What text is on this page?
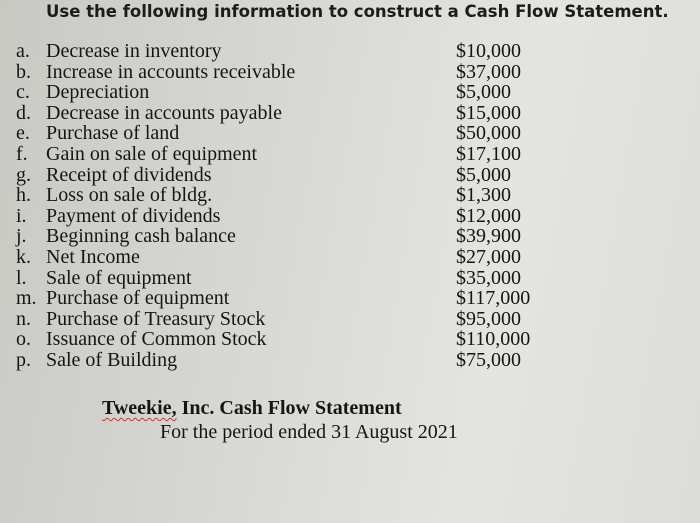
Use the following information to construct a Cash Flow Statement.
a. Decrease in inventory	$10,000
b. Increase in accounts receivable	$37,000
c. Depreciation	$5,000
d. Decrease in accounts payable	$15,000
e. Purchase of land	$50,000
f. Gain on sale of equipment	$17,100
g. Receipt of dividends	$5,000
h. Loss on sale of bldg.	$1,300
i. Payment of dividends	$12,000
j. Beginning cash balance	$39,900
k. Net Income	$27,000
l. Sale of equipment	$35,000
m. Purchase of equipment	$117,000
n. Purchase of Treasury Stock	$95,000
o. Issuance of Common Stock	$110,000
p. Sale of Building	$75,000
Tweekie, Inc. Cash Flow Statement
For the period ended 31 August 2021
